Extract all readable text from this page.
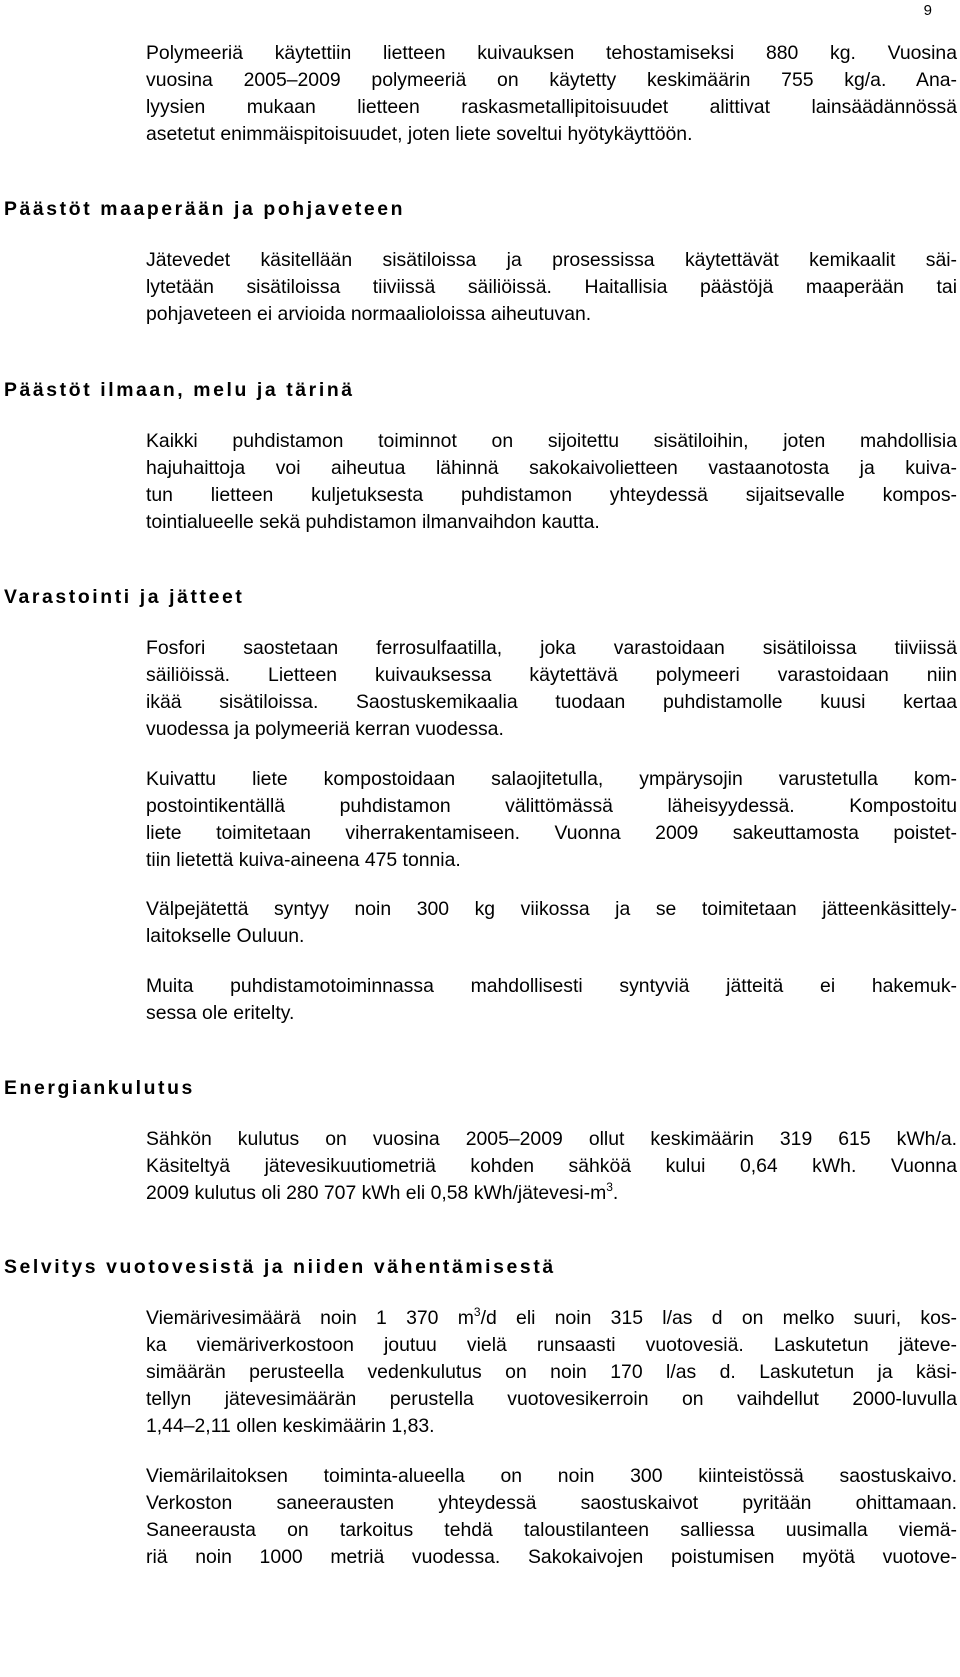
9
Polymeeriä käytettiin lietteen kuivauksen tehostamiseksi 880 kg. Vuosina
vuosina 2005–2009 polymeeriä on käytetty keskimäärin 755 kg/a. Ana-
lyysien mukaan lietteen raskasmetallipitoisuudet alittivat lainsäädännössä
asetetut enimmäispitoisuudet, joten liete soveltui hyötykäyttöön.
Päästöt maaperään ja pohjaveteen
Jätevedet käsitellään sisätiloissa ja prosessissa käytettävät kemikaalit säi-
lytetään sisätiloissa tiiviissä säiliöissä. Haitallisia päästöjä maaperään tai
pohjaveteen ei arvioida normaalioloissa aiheutuvan.
Päästöt ilmaan, melu ja tärinä
Kaikki puhdistamon toiminnot on sijoitettu sisätiloihin, joten mahdollisia
hajuhaittoja voi aiheutua lähinnä sakokaivolietteen vastaanotosta ja kuiva-
tun lietteen kuljetuksesta puhdistamon yhteydessä sijaitsevalle kompos-
tointialueelle sekä puhdistamon ilmanvaihdon kautta.
Varastointi ja jätteet
Fosfori saostetaan ferrosulfaatilla, joka varastoidaan sisätiloissa tiiviissä
säiliöissä. Lietteen kuivauksessa käytettävä polymeeri varastoidaan niin
ikää sisätiloissa. Saostuskemikaalia tuodaan puhdistamolle kuusi kertaa
vuodessa ja polymeeriä kerran vuodessa.
Kuivattu liete kompostoidaan salaojitetulla, ympärysojin varustetulla kom-
postointikentällä puhdistamon välittömässä läheisyydessä. Kompostoitu
liete toimitetaan viherrakentamiseen. Vuonna 2009 sakeuttamosta poistet-
tiin lietettä kuiva-aineena 475 tonnia.
Välpejätettä syntyy noin 300 kg viikossa ja se toimitetaan jätteenkäsittely-
laitokselle Ouluun.
Muita puhdistamotoiminnassa mahdollisesti syntyviä jätteitä ei hakemuk-
sessa ole eritelty.
Energiankulutus
Sähkön kulutus on vuosina 2005–2009 ollut keskimäärin 319 615 kWh/a.
Käsiteltyä jätevesikuutiometriä kohden sähköä kului 0,64 kWh. Vuonna
2009 kulutus oli 280 707 kWh eli 0,58 kWh/$jätevesi-m^3$.
Selvitys vuotovesistä ja niiden vähentämisestä
Viemärivesimäärä noin 1 370 $m^3/d$ eli noin 315 l/as d on melko suuri, kos-
ka viemäriverkostoon joutuu vielä runsaasti vuotovesiä. Laskutetun jäteve-
simäärän perusteella vedenkulutus on noin 170 l/as d. Laskutetun ja käsi-
tellyn jätevesimäärän perustella vuotovesikerroin on vaihdellut 2000-luvulla
1,44–2,11 ollen keskimäärin 1,83.
Viemärilaitoksen toiminta-alueella on noin 300 kiinteistössä saostuskaivo.
Verkoston saneerausten yhteydessä saostuskaivot pyritään ohittamaan.
Saneerausta on tarkoitus tehdä taloustilanteen salliessa uusimalla viemä-
riä noin 1000 metriä vuodessa. Sakokaivojen poistumisen myötä vuotove-
